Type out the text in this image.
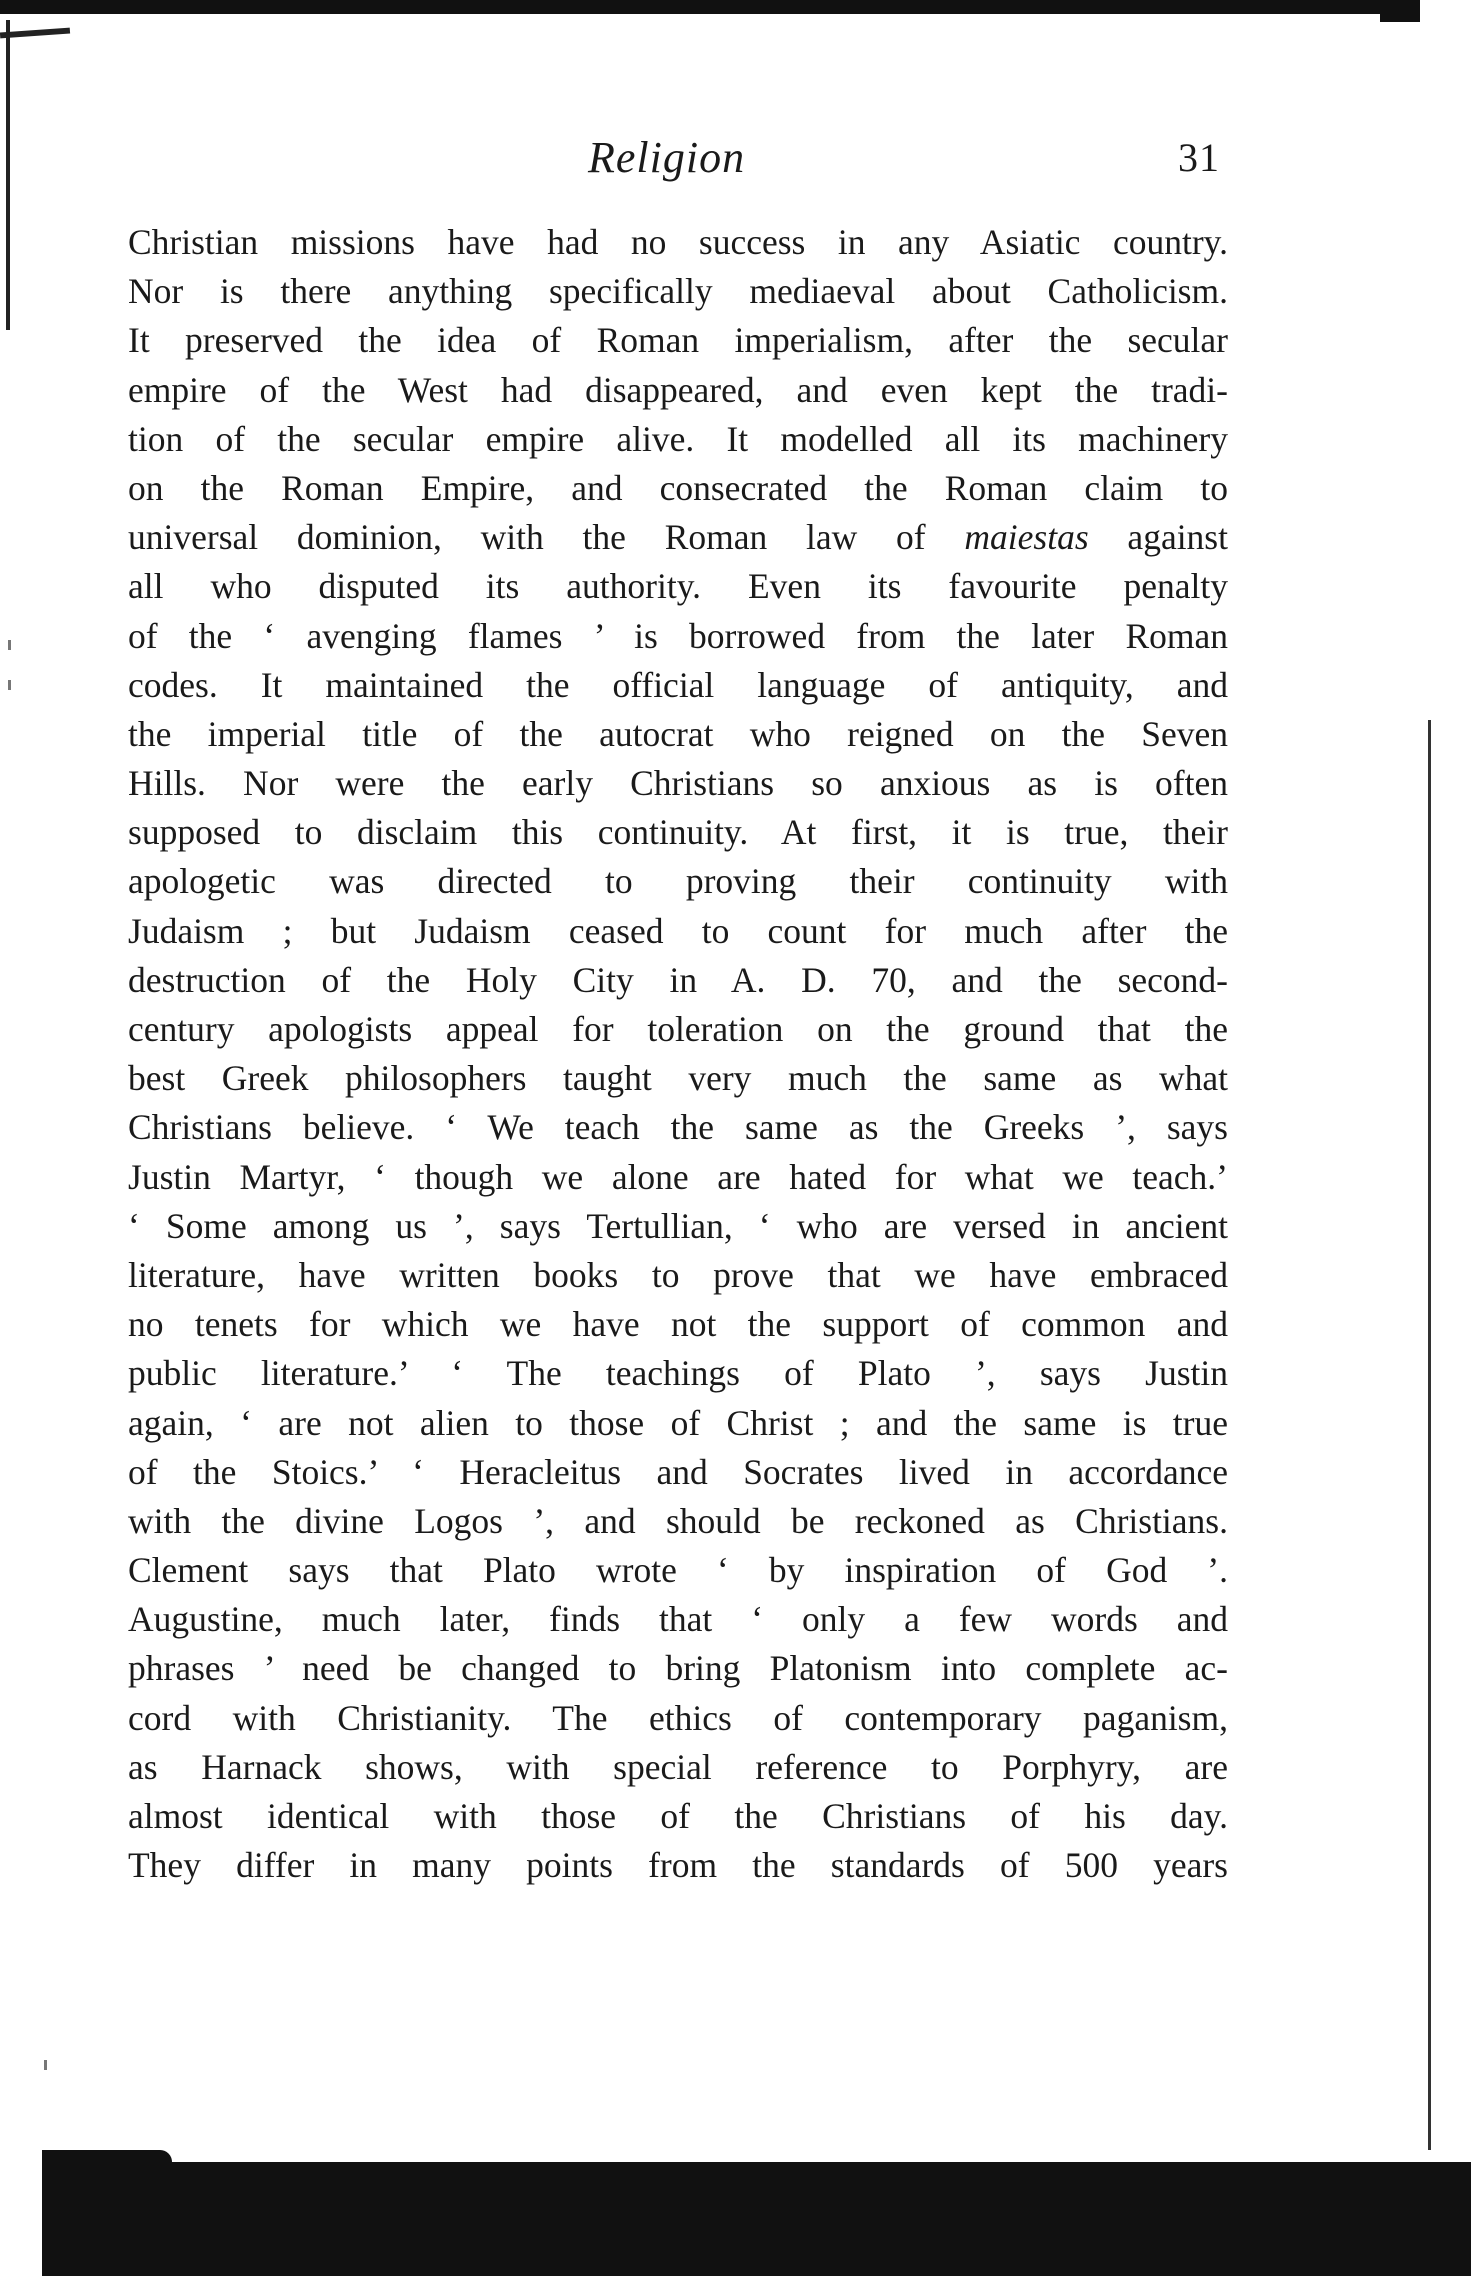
Religion	31
Christian missions have had no success in any Asiatic country.
Nor is there anything specifically mediaeval about Catholicism.
It preserved the idea of Roman imperialism, after the secular
empire of the West had disappeared, and even kept the tradi-
tion of the secular empire alive. It modelled all its machinery
on the Roman Empire, and consecrated the Roman claim to
universal dominion, with the Roman law of maiestas against
all who disputed its authority. Even its favourite penalty
of the ‘ avenging flames ’ is borrowed from the later Roman
codes. It maintained the official language of antiquity, and
the imperial title of the autocrat who reigned on the Seven
Hills. Nor were the early Christians so anxious as is often
supposed to disclaim this continuity. At first, it is true, their
apologetic was directed to proving their continuity with
Judaism ; but Judaism ceased to count for much after the
destruction of the Holy City in A. D. 70, and the second-
century apologists appeal for toleration on the ground that the
best Greek philosophers taught very much the same as what
Christians believe. ‘ We teach the same as the Greeks ’, says
Justin Martyr, ‘ though we alone are hated for what we teach.’
‘ Some among us ’, says Tertullian, ‘ who are versed in ancient
literature, have written books to prove that we have embraced
no tenets for which we have not the support of common and
public literature.’ ‘ The teachings of Plato ’, says Justin
again, ‘ are not alien to those of Christ ; and the same is true
of the Stoics.’ ‘ Heracleitus and Socrates lived in accordance
with the divine Logos ’, and should be reckoned as Christians.
Clement says that Plato wrote ‘ by inspiration of God ’.
Augustine, much later, finds that ‘ only a few words and
phrases ’ need be changed to bring Platonism into complete ac-
cord with Christianity. The ethics of contemporary paganism,
as Harnack shows, with special reference to Porphyry, are
almost identical with those of the Christians of his day.
They differ in many points from the standards of 500 years
